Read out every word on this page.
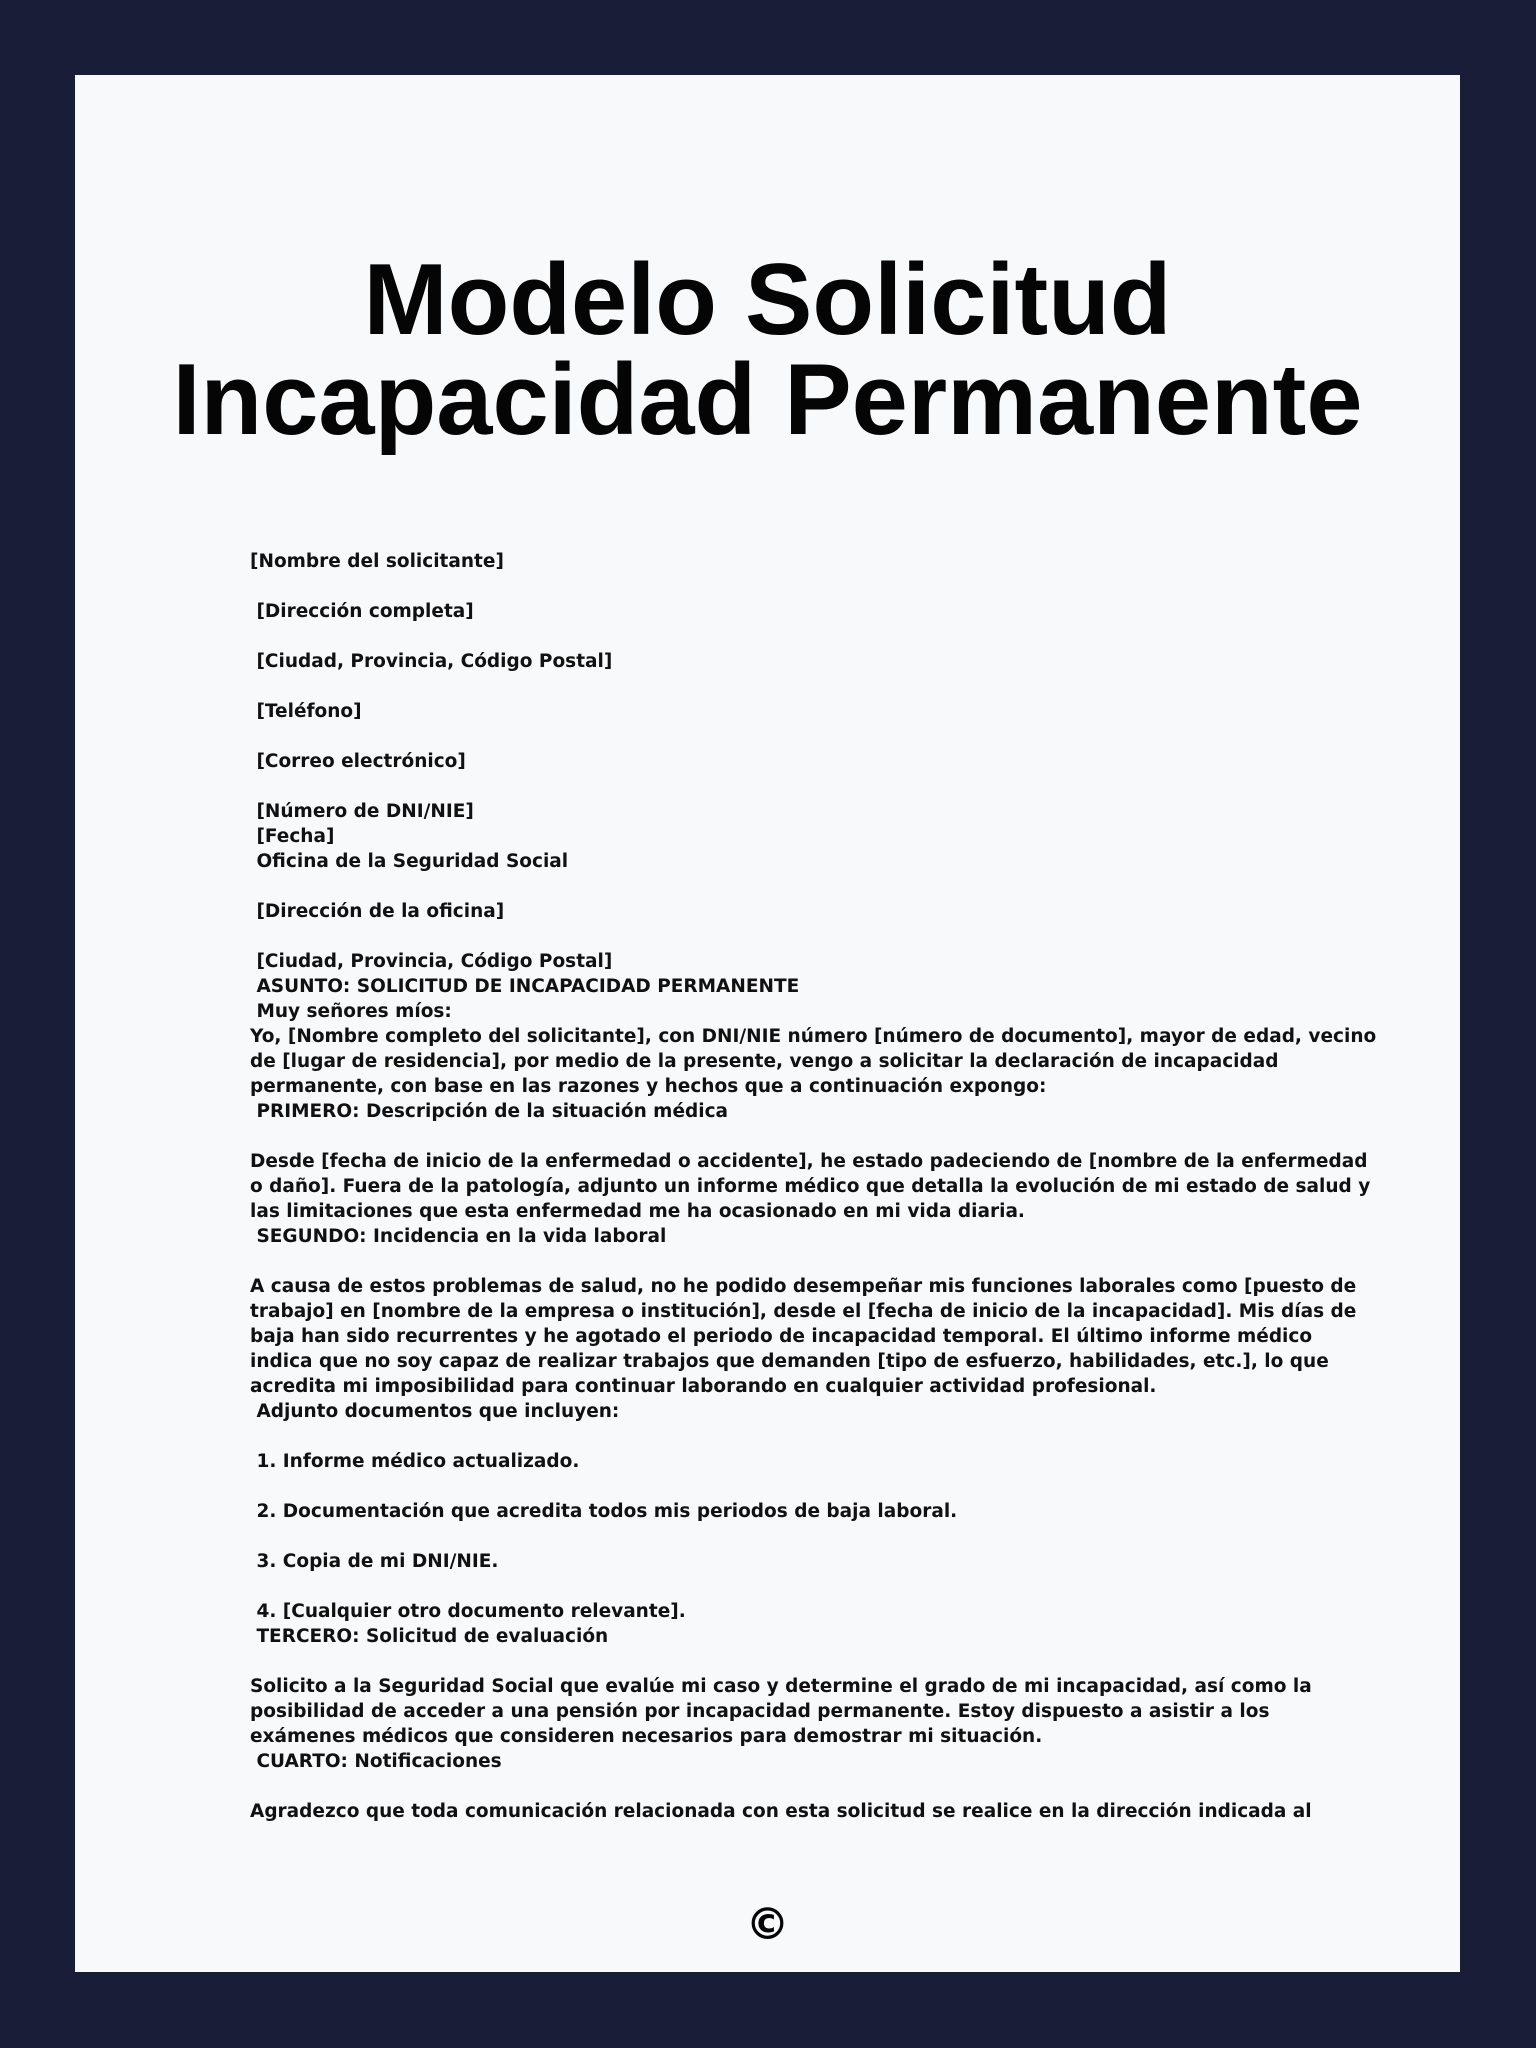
Modelo Solicitud
Incapacidad Permanente
[Nombre del solicitante]
[Dirección completa]
[Ciudad, Provincia, Código Postal]
[Teléfono]
[Correo electrónico]
[Número de DNI/NIE]
[Fecha]
Oficina de la Seguridad Social
[Dirección de la oficina]
[Ciudad, Provincia, Código Postal]
ASUNTO: SOLICITUD DE INCAPACIDAD PERMANENTE
Muy señores míos:
Yo, [Nombre completo del solicitante], con DNI/NIE número [número de documento], mayor de edad, vecino
de [lugar de residencia], por medio de la presente, vengo a solicitar la declaración de incapacidad
permanente, con base en las razones y hechos que a continuación expongo:
PRIMERO: Descripción de la situación médica
Desde [fecha de inicio de la enfermedad o accidente], he estado padeciendo de [nombre de la enfermedad
o daño]. Fuera de la patología, adjunto un informe médico que detalla la evolución de mi estado de salud y
las limitaciones que esta enfermedad me ha ocasionado en mi vida diaria.
SEGUNDO: Incidencia en la vida laboral
A causa de estos problemas de salud, no he podido desempeñar mis funciones laborales como [puesto de
trabajo] en [nombre de la empresa o institución], desde el [fecha de inicio de la incapacidad]. Mis días de
baja han sido recurrentes y he agotado el periodo de incapacidad temporal. El último informe médico
indica que no soy capaz de realizar trabajos que demanden [tipo de esfuerzo, habilidades, etc.], lo que
acredita mi imposibilidad para continuar laborando en cualquier actividad profesional.
Adjunto documentos que incluyen:
1. Informe médico actualizado.
2. Documentación que acredita todos mis periodos de baja laboral.
3. Copia de mi DNI/NIE.
4. [Cualquier otro documento relevante].
TERCERO: Solicitud de evaluación
Solicito a la Seguridad Social que evalúe mi caso y determine el grado de mi incapacidad, así como la
posibilidad de acceder a una pensión por incapacidad permanente. Estoy dispuesto a asistir a los
exámenes médicos que consideren necesarios para demostrar mi situación.
CUARTO: Notificaciones
Agradezco que toda comunicación relacionada con esta solicitud se realice en la dirección indicada al
©
